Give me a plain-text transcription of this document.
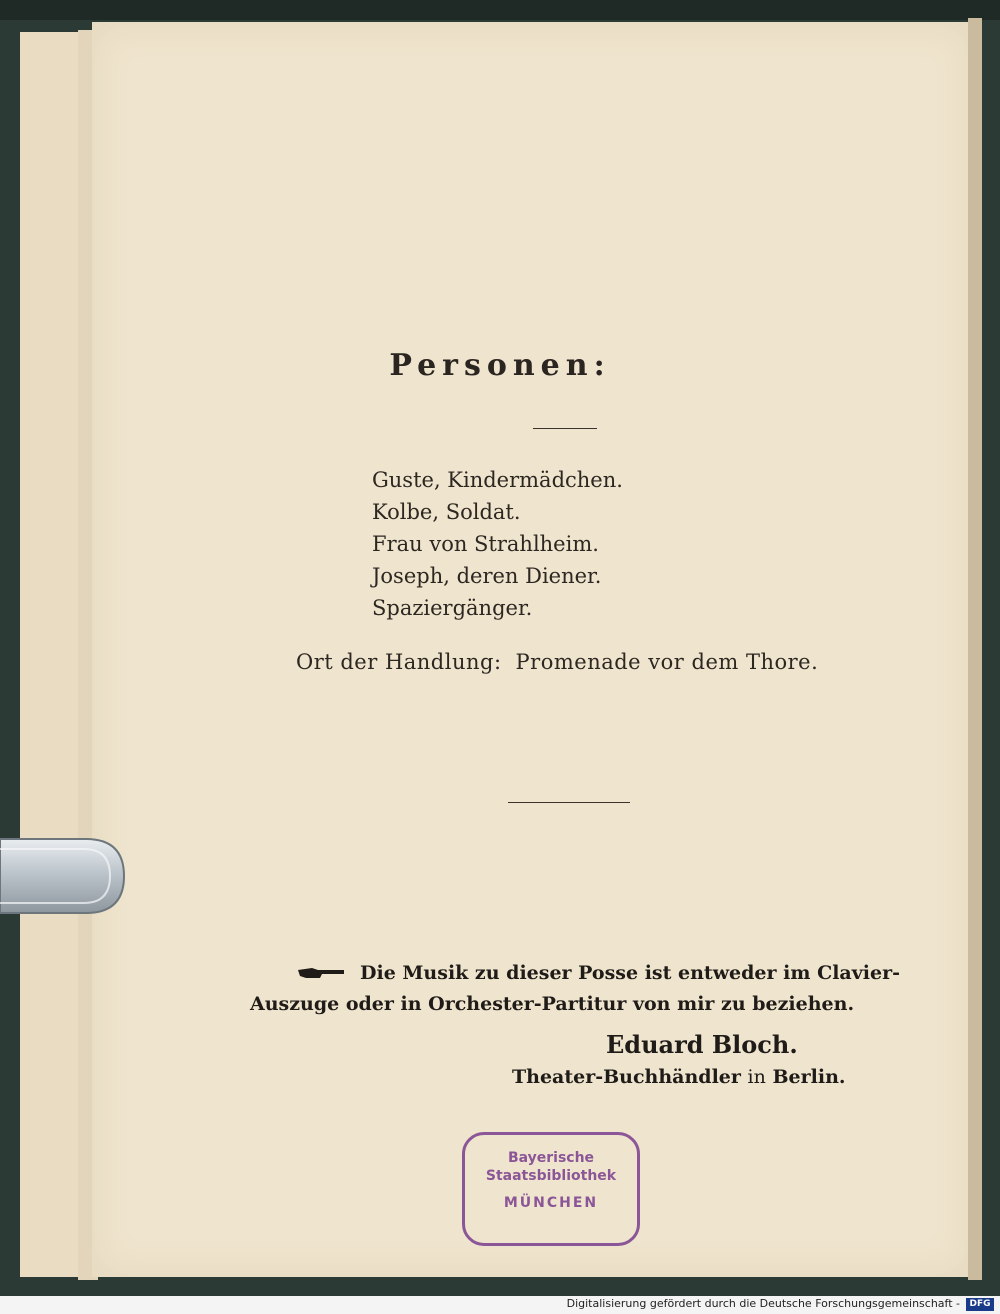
Personen:
Guste, Kindermädchen.
Kolbe, Soldat.
Frau von Strahlheim.
Joseph, deren Diener.
Spaziergänger.
Ort der Handlung: Promenade vor dem Thore.
Die Musik zu dieser Posse ist entweder im Clavier-
Auszuge oder in Orchester-Partitur von mir zu beziehen.
Eduard Bloch.
Theater-Buchhändler in Berlin.
Bayerische
Staatsbibliothek
MÜNCHEN
Digitalisierung gefördert durch die Deutsche Forschungsgemeinschaft -	DFG
